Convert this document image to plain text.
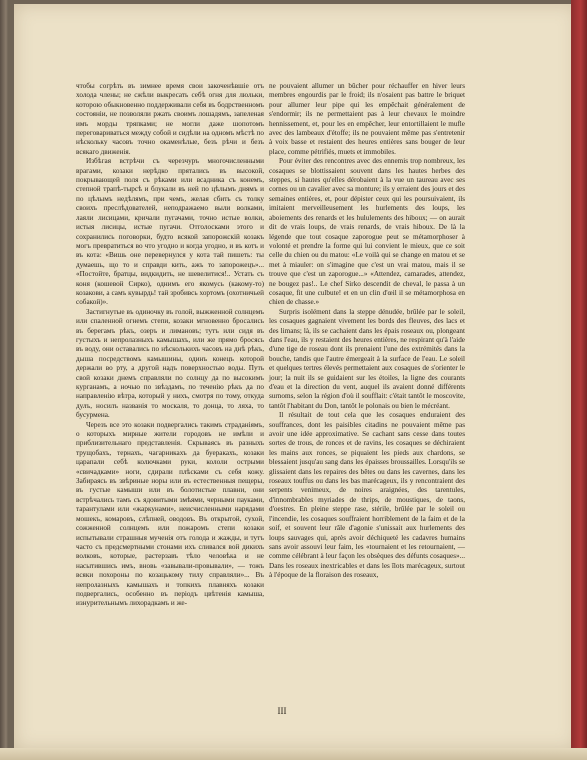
чтобы согрѣть въ зимнее время свои закоченѣвшіе отъ холода члены; не сжѣли выкресать себѣ огня для люльки, которою обыкновенно поддерживали себя въ бодрственномъ состояніи, не позволяли ржать своимъ лошадямъ, запеленая имъ морды тряпками; не могли даже шопотомъ переговариваться между собой и сидѣли на одномъ мѣстѣ по нѣскольку часовъ точно окаменѣлые, безъ рѣчи и безъ всякаго движенія.

Избѣгая встрѣчи съ черезчуръ многочисленными врагами, козаки нерѣдко прятались въ высокой, покрывающей поля съ рѣками или всадника съ конемъ, степной трапѣ-тырсѣ и блукали въ ней по цѣлымъ днямъ и по цѣлымъ недѣлямъ, при чемъ, желая сбить съ толку своихъ преслѣдователей, неподражаемо выли волками, лаяли лисицами, кричали пугачами, точно истые волки, истыя лисицы, истые пугачи. Отголосками этого и сохранились поговорки, будто всякой запорожскій козакъ могъ превратиться во что угодно и когда угодно, и въ котъ и въ кота: «Вишь оне перевернулся у кота тай пишеть: ты думаешь, що то и справди кить, ажъ то запорожецъ»... «Постойте, братцы, видкидить, не шевелитися!.. Устать съ коня (кошевой Сирко), однимъ его якомусь (какому-то) козакови, а самъ кувырдь! тай зробивсь хортомъ (охотничьей собакой)».

Застигнутые въ одиночку въ голой, выжженной солнцемъ или спаленной огнемъ степи, козаки мгновенно бросались въ берегамъ рѣкъ, озеръ и лимановъ; тутъ или сидя въ густыхъ и непролазныхъ камышахъ, или же прямо бросясь въ воду, они оставались по нѣсколькихъ часовъ на днѣ рѣкъ, дыша посредствомъ камышины, одинъ конецъ которой держали во рту, а другой надъ поверхностью воды. Путь свой козаки днемъ справляли по солнцу да по высокимъ курганамъ, а ночью по звѣздамъ, по теченію рѣкъ да по направленію вѣтра, который у нихъ, смотря по тому, откуда дулъ, носилъ названія то москаля, то донца, то ляха, то бусурмена.

Черезъ все это козаки подвергались такимъ страданіямъ, о которыхъ мирные жители городовъ не имѣли и приблизительнаго представленія. Скрываясь въ разныхъ трущобахъ, тернахъ, чагарникахъ да буеракахъ, козаки царапали себѣ колючками руки, кололи острыми «свичадками» ноги, сдирали плѣсками съ себя кожу. Забираясь въ звѣриные норы или въ естественныя пещеры, въ густые камыши или въ болотистые плавни, они встрѣчались тамъ съ ядовитыми змѣями, черными пауками, тарантулами или «жаркунами», неисчисленными нарядами мошекъ, комаровъ, слѣпней, оводовъ. Въ открытой, сухой, сожженной солнцемъ или пожаромъ степи козаки испытывали страшныя мученія отъ голода и жажды, и тутъ часто съ предсмертными стонами ихъ сливался вой дикихъ волковъ, которые, растерзавъ тѣло человѣка и не насытившись имъ, вновь «завывали-провывали», — тожъ всяки похороны по козацькому тилу справляли»... Въ непролазныхъ камышахъ и топкихъ плавняхъ козаки подвергались, особенно въ періодъ цвѣтенія камыша, изнурительнымъ лихорадкамъ и же-

ne pouvaient allumer un bûcher pour réchauffer en hiver leurs membres engourdis par le froid; ils n'osaient pas battre le briquet pour allumer leur pipe qui les empêchait généralement de s'endormir; ils ne permettaient pas à leur chevaux le moindre hennissement, et, pour les en empêcher, leur entortillaient le mufle avec des lambeaux d'étoffe; ils ne pouvaient même pas s'entretenir à voix basse et restaient des heures entières sans bouger de leur place, comme pétrifiés, muets et immobiles.

Pour éviter des rencontres avec des ennemis trop nombreux, les cosaques se blottissaient souvent dans les hautes herbes des steppes, si hautes qu'elles dérobaient à la vue un taureau avec ses cornes ou un cavalier avec sa monture; ils y erraient des jours et des semaines entières, et, pour dépister ceux qui les poursuivaient, ils imitaient merveilleusement les hurlements des loups, les aboiements des renards et les hululements des hiboux; — on aurait dit de vrais loups, de vrais renards, de vrais hiboux. De là la légende que tout cosaque zaporogue peut se métamorphoser à volonté et prendre la forme qui lui convient le mieux, que ce soit celle du chien ou du matou: «Le voilà qui se change en matou et se met à miauler: on s'imagine que c'est un vrai matou, mais il se trouve que c'est un zaporogue...» «Attendez, camarades, attendez, ne bougez pas!.. Le chef Sirko descendit de cheval, le passa à un cosaque, fit une culbute! et en un clin d'œil il se métamorphosa en chien de chasse.»

Surpris isolément dans la steppe dénudée, brûlée par le soleil, les cosaques gagnaient vivement les bords des fleuves, des lacs et des limans; là, ils se cachaient dans les épais roseaux ou, plongeant dans l'eau, ils y restaient des heures entières, ne respirant qu'à l'aide d'une tige de roseau dont ils prenaient l'une des extrémités dans la bouche, tandis que l'autre émergeait à la surface de l'eau. Le soleil et quelques tertres élevés permettaient aux cosaques de s'orienter le jour; la nuit ils se guidaient sur les étoiles, la ligne des courants d'eau et la direction du vent, auquel ils avaient donné différents surnoms, selon la région d'où il soufflait: c'était tantôt le moscovite, tantôt l'habitant du Don, tantôt le polonais ou bien le mécréant.

Il résultait de tout cela que les cosaques enduraient des souffrances, dont les paisibles citadins ne pouvaient même pas avoir une idée approximative. Se cachant sans cesse dans toutes sortes de trous, de ronces et de ravins, les cosaques se déchiraient les mains aux ronces, se piquaient les pieds aux chardons, se blessaient jusqu'au sang dans les épaisses broussailles. Lorsqu'ils se glissaient dans les repaires des bêtes ou dans les cavernes, dans les roseaux touffus ou dans les bas marécageux, ils y rencontraient des serpents venimeux, de noires araignées, des tarentules, d'innombrables myriades de thrips, de moustiques, de taons, d'oestres. En pleine steppe rase, stérile, brûlée par le soleil ou l'incendie, les cosaques souffraient horriblement de la faim et de la soif, et souvent leur râle d'agonie s'unissait aux hurlements des loups sauvages qui, après avoir déchiqueté les cadavres humains sans avoir assouvi leur faim, les «tournaient et les retournaient, — comme célébrant à leur façon les obsèques des défunts cosaques»... Dans les roseaux inextricables et dans les îlots marécageux, surtout à l'époque de la floraison des roseaux,

III
